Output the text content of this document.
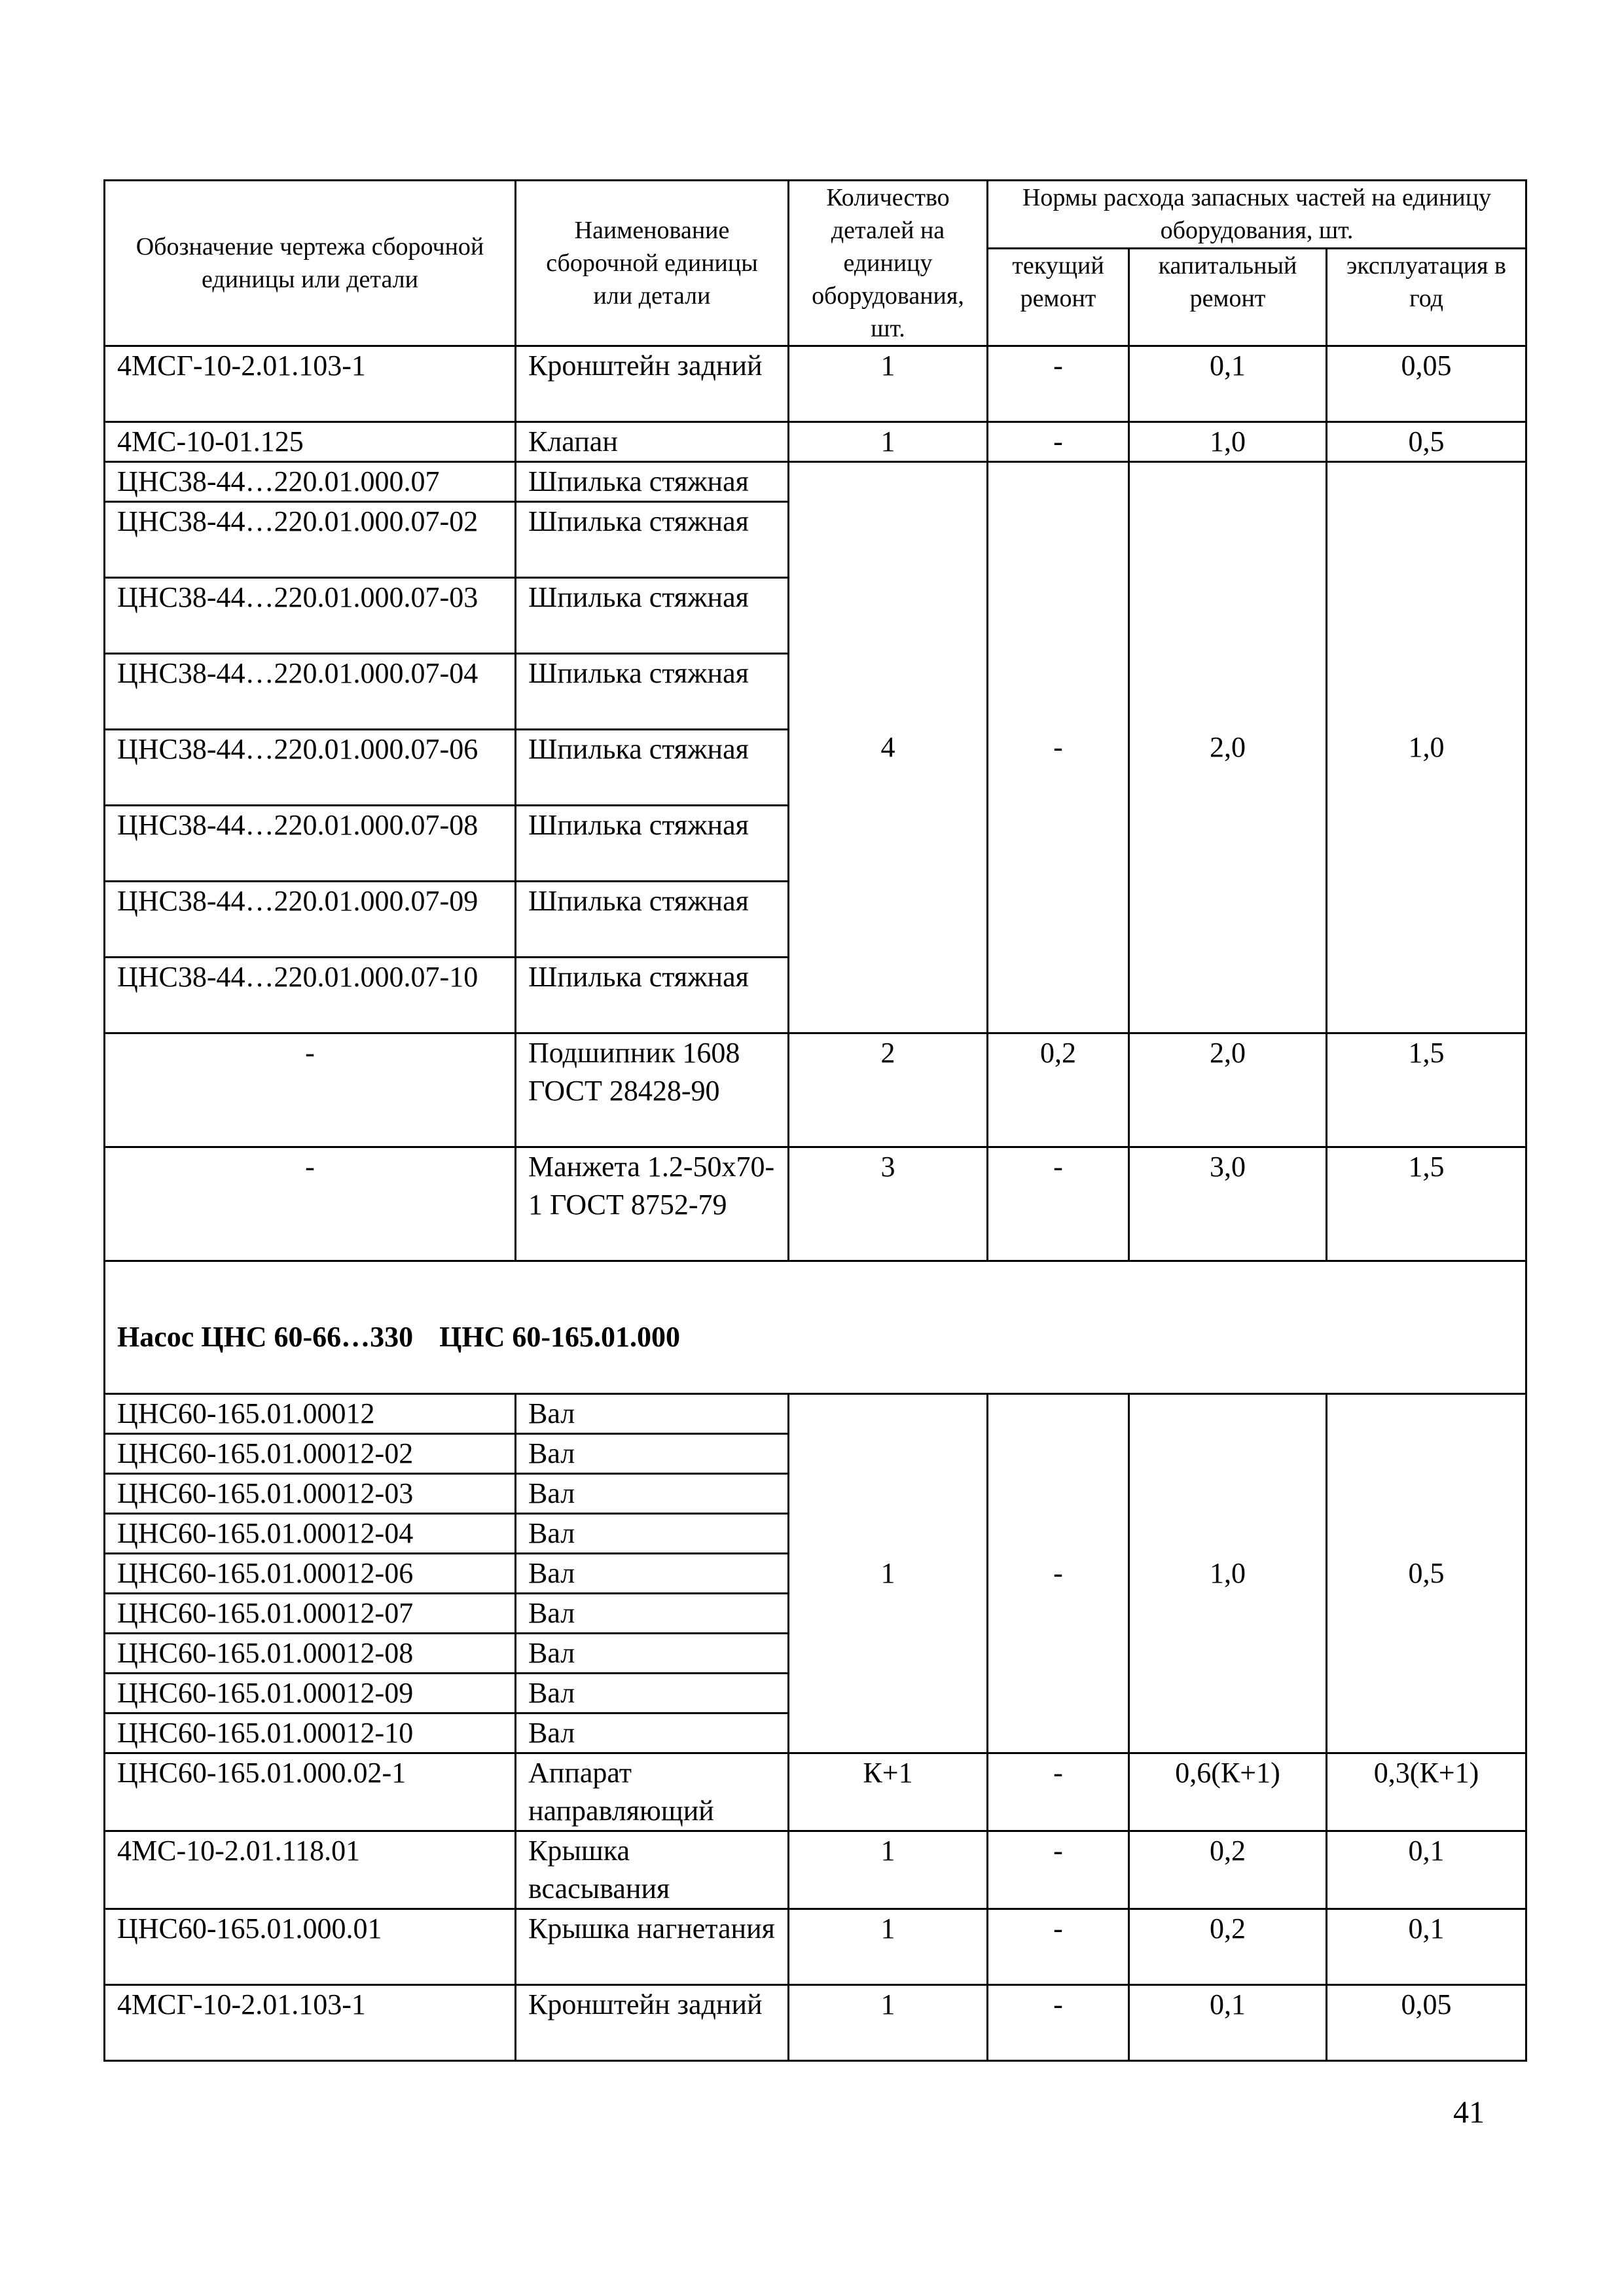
Обозначение чертежа сборочной единицы или детали	Наименование сборочной единицы или детали	Количество деталей на единицу оборудования, шт.	Нормы расхода запасных частей на единицу оборудования, шт.		
			текущий ремонт	капитальный ремонт	эксплуатация в год
4МСГ-10-2.01.103-1	Кронштейн задний	1	-	0,1	0,05
4МС-10-01.125	Клапан	1	-	1,0	0,5
ЦНС38-44…220.01.000.07	Шпилька стяжная	4	-	2,0	1,0
ЦНС38-44…220.01.000.07-02	Шпилька стяжная				
ЦНС38-44…220.01.000.07-03	Шпилька стяжная				
ЦНС38-44…220.01.000.07-04	Шпилька стяжная				
ЦНС38-44…220.01.000.07-06	Шпилька стяжная				
ЦНС38-44…220.01.000.07-08	Шпилька стяжная				
ЦНС38-44…220.01.000.07-09	Шпилька стяжная				
ЦНС38-44…220.01.000.07-10	Шпилька стяжная				
-	Подшипник 1608 ГОСТ 28428-90	2	0,2	2,0	1,5
-	Манжета 1.2-50х70-1 ГОСТ 8752-79	3	-	3,0	1,5
Насос ЦНС 60-66…330 ЦНС 60-165.01.000					
ЦНС60-165.01.00012	Вал	1	-	1,0	0,5
ЦНС60-165.01.00012-02	Вал				
ЦНС60-165.01.00012-03	Вал				
ЦНС60-165.01.00012-04	Вал				
ЦНС60-165.01.00012-06	Вал				
ЦНС60-165.01.00012-07	Вал				
ЦНС60-165.01.00012-08	Вал				
ЦНС60-165.01.00012-09	Вал				
ЦНС60-165.01.00012-10	Вал				
ЦНС60-165.01.000.02-1	Аппарат направляющий	К+1	-	0,6(К+1)	0,3(К+1)
4МС-10-2.01.118.01	Крышка всасывания	1	-	0,2	0,1
ЦНС60-165.01.000.01	Крышка нагнетания	1	-	0,2	0,1
4МСГ-10-2.01.103-1	Кронштейн задний	1	-	0,1	0,05
41
